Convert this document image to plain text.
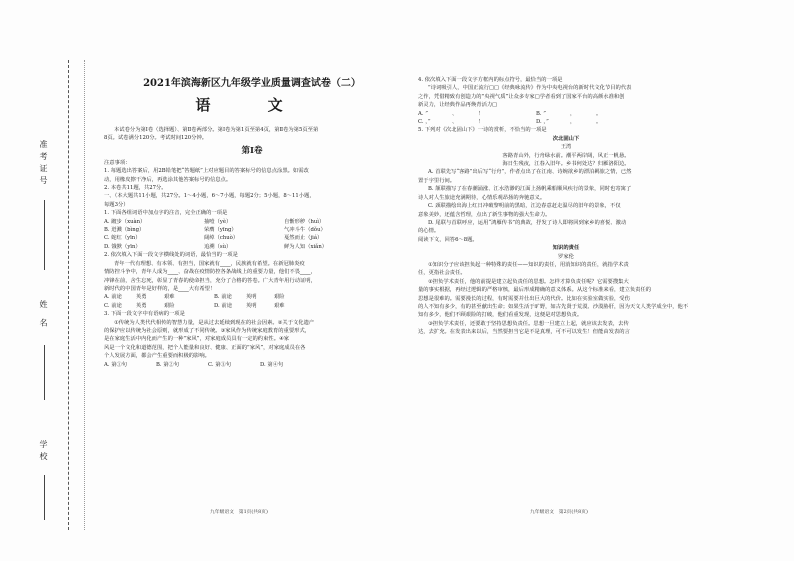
准考证号
姓 名
学校
2021年滨海新区九年级学业质量调查试卷（二）
语 文

本试卷分为第Ⅰ卷（选择题）、第Ⅱ卷两部分。第Ⅰ卷为第1页至第4页，第Ⅱ卷为第5页至第

8页。试卷满分120分。考试时间120分钟。

第Ⅰ卷

注意事项：

1. 每题选出答案后，用2B铅笔把“答题纸”上对应题目的答案标号的信息点涂黑。如需改

动，用橡皮擦干净后，再选涂其他答案标号的信息点。

2. 本卷共11题，共27分。

一、（本大题共11小题，共27分。1～4小题，6～7小题，每题2分；5小题，8～11小题，

每题3分）

1. 下面各组词语中加点字的注音，完全正确的一项是

A. 踱步（xuàn）	抽噎（yè）	自惭形秽（huì）
B. 迸溅（bìng）	荣膺（yīng）	气冲斗牛（dǒu）
C. 蛇红（yīn）	阔绰（chuò）	戛然而止（jiá）
D. 饿默（yīn）	追溯（sù）	鲜为人知（xiǎn）

2. 依次填入下面一段文字横线处的词语，最恰当的一项是

青年一代有理想、有本领、有担当，国家就有____，民族就有希望。在新冠肺炎疫

情防控斗争中，青年人成为____、奋战在疫情防控各条战线上的重要力量，他们不畏____，

冲锋在前，舍生忘死，彰显了青春的使命担当，充分了合格的答卷。广大青年用行动证明，

新时代的中国青年是好样的，是____大有希望！

A. 前途	英勇	艰难	B. 前途	英明	艰险
C. 前途	英勇	艰险	D. 前途	英明	艰难

3. 下面一段文字中有语病的一项是

①传统为人类代代相传的智慧力量，是从过去延续到现在的社会因素。②关于文化遗产

的保护应以传统为社会原则，就形成了不同传统。③家风作为传统家庭教育的重要形式，

是在家庭生活中内化而产生的一种“家风”，对家庭成员具有一定的约束性。④家

风是一个文化和道德范围，把个人能量和良好、健康、正面的“家风”，对家庭成员在各

个人发展方面，都会产生重要而积极的影响。

A. 第①句	B. 第②句	C. 第③句	D. 第④句
九年级语文　第1页(共8页)

4. 依次填入下面一段文字方框内的标点符号，最恰当的一项是

“诗词吸引人，中国正流行□□《经典咏流传》作为中央电视台的新时代文化节目的代表

之作，凭借精致有创造力的“央视气质”让众多专家□学者看到了国家平台的高颜水准和创

新灵力，让经典作品再焕青活力□

A. ”	、	！	B. ”	，	。
C. ，”	、	！	D. ，”	，	。

5. 下列对《次北固山下》一诗的赏析，不恰当的一项是

次北固山下

王湾

客路青山外，行舟绿水前。潮平两岸阔，风正一帆悬。

海日生残夜，江春入旧年。乡书何处达？归雁洛阳边。

A. 首联先写“客路”出后写“行舟”，作者点出了在江南、诗婉欲乡的漂泊羁旅之情，已然

置于宇里行间。

B. 颔联描写了在春潮涌涨、江水浩渺的江面上扬帆乘船顺风疾行的景象，同时也寄寓了

诗人对人生旅途充满期待，心情乐观昂扬的奔驰意义。

C. 颈联描绘出海上红日冲破黎明前的黑暗，江边春意赶走温尽的旧年的景象，不仅

意象美妙，还蕴含哲理，点出了新生事物的强大生命力。

D. 尾联与首联呼应，运用“鸿雁传书”的典故，抒发了诗人即将回到家乡的喜悦、激动

的心情。

阅读下文，回答6～8题。

知识的责任

罗家伦

①知识分子应该担负起一种特殊的责任——知识的责任，用消知识的责任，就指学术责

任，更指社会责任。

②担负学术责任，他的前提是建立起负责任的思想。怎样才算负责任呢？它需要搜集大

量的事实根据，再经过逻辑的严格审核，最后形成精确的意义体系。从这个标准来看，建立负责任的

思想是很难的。需要漫长的过程，有时需要并仕出巨大的代价。比如在实验室做实验，受伤

的人不知有多少，有的甚至献出生命；如果生活于旷野，如古先贤于荒漠、沙漠胁肝，因为天文人类学成全中，他不

知有多少，他们不顾艰险的打破，他们看重发现，这便是对思想负责。

③担负学术责任，还要敢于坚持思想负责任。思想一旦建立上起，就应该去发表，去传

达，去扩充。在发表出来以后，当然要担当它是不是真理，可不可以发生！但能由发表的言

九年级语文　第2页(共8页)
